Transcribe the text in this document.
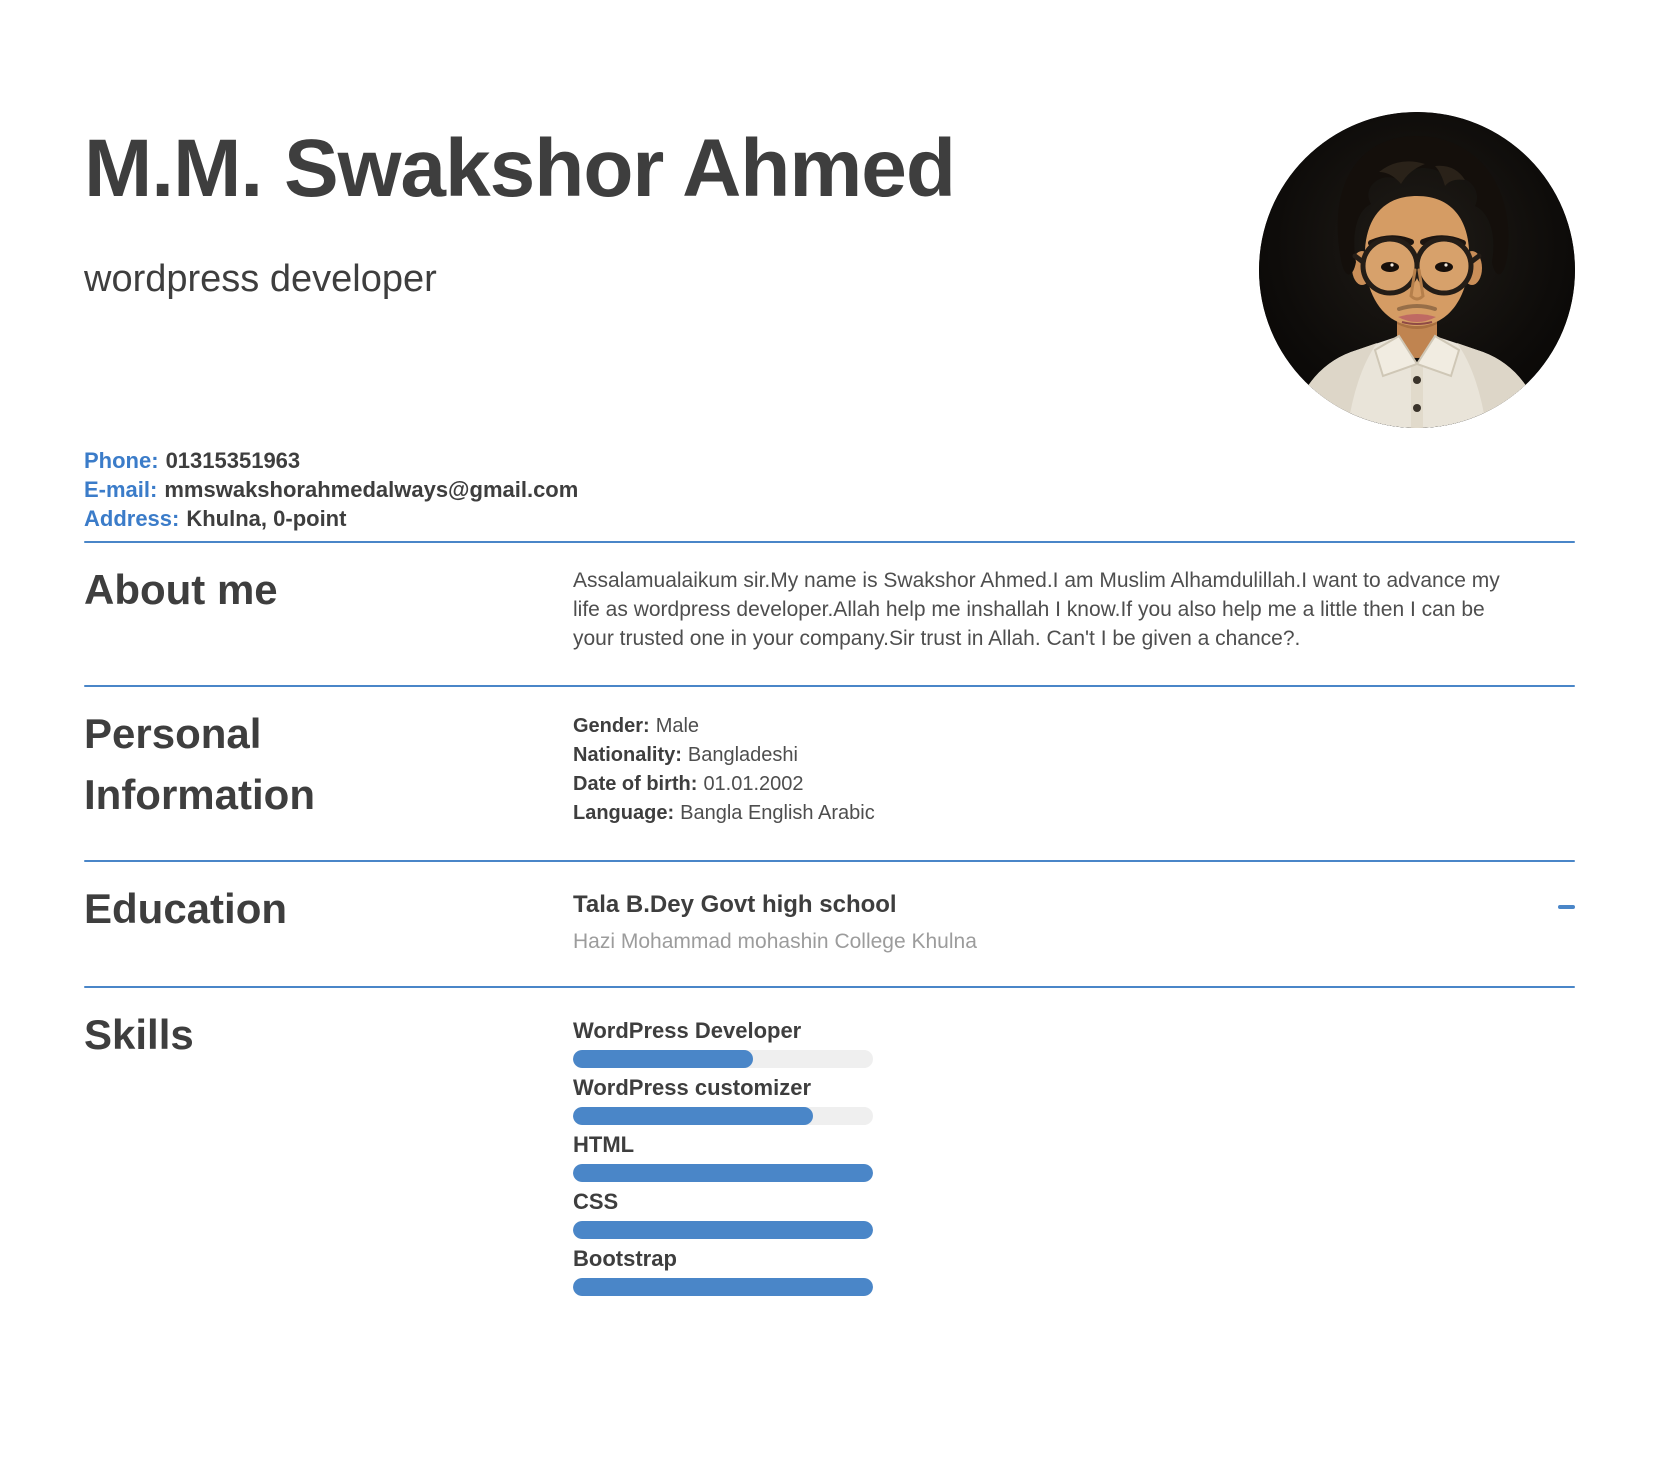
M.M. Swakshor Ahmed
wordpress developer
Phone: 01315351963
E-mail: mmswakshorahmedalways@gmail.com
Address: Khulna, 0-point
About me	Assalamualaikum sir.My name is Swakshor Ahmed.I am Muslim Alhamdulillah.I want to advance my life as wordpress developer.Allah help me inshallah I know.If you also help me a little then I can be your trusted one in your company.Sir trust in Allah. Can't I be given a chance?.
Personal Information
Gender: Male
Nationality: Bangladeshi
Date of birth: 01.01.2002
Language: Bangla English Arabic
Education	Tala B.Dey Govt high school
Hazi Mohammad mohashin College Khulna
Skills	WordPress Developer
WordPress customizer
HTML
CSS
Bootstrap
